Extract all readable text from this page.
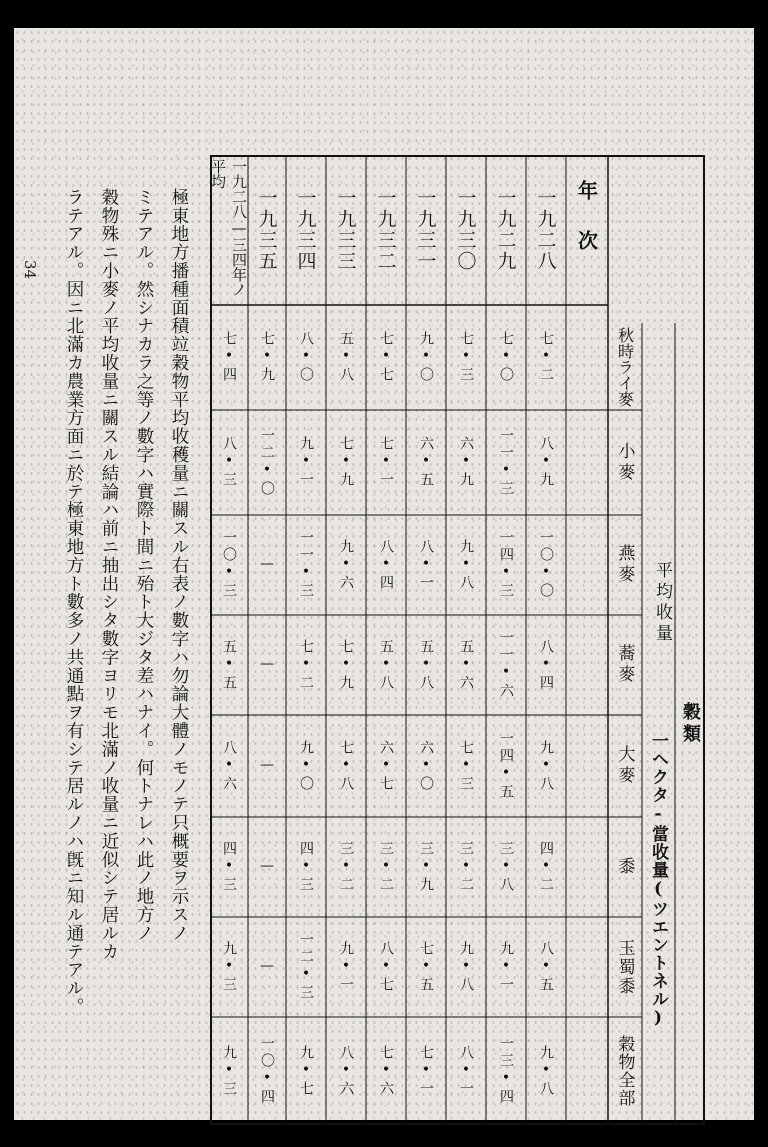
34	極東地方播種面積竝穀物平均收穫量ニ關スル右表ノ數字ハ勿論大體ノモノテ只概要ヲ示スノ
ミテアル。然シナカラ之等ノ數字ハ實際ト間ニ殆ト大ジタ差ハナイ。何トナレハ此ノ地方ノ
穀物殊ニ小麥ノ平均收量ニ關スル結論ハ前ニ抽出シタ數字ヨリモ北滿ノ收量ニ近似シテ居ルカ
ラテアル。因ニ北滿カ農業方面ニ於テ極東地方ト數多ノ共通點ヲ有シテ居ルノハ旣ニ知ル通テアル。	穀類
平均收量
一ヘクタ-當收量(ツエントネル)
秋時ライ麥
小麥
燕麥
蕎麥
大麥
黍
玉蜀黍
穀物全部
年次
一九二八
七•二
八•九
一〇•〇
八•四
九•八
四•二
八•五
九•八
一九二九
七•〇
一一•三
一四•三
一一•六
一四•五
三•八
九•一
一三•四
一九三〇
七•三
六•九
九•八
五•六
七•三
三•二
九•八
八•一
一九三一
九•〇
六•五
八•一
五•八
六•〇
三•九
七•五
七•一
一九三二
七•七
七•一
八•四
五•八
六•七
三•二
八•七
七•六
一九三三
五•八
七•九
九•六
七•九
七•八
三•二
九•一
八•六
一九三四
八•〇
九•一
一一•三
七•二
九•〇
四•三
一二•三
九•七
一九三五
七•九
一二•〇
—
—
—
—
—
一〇•四
一九二八—三四年ノ平均
七•四
八•三
一〇•三
五•五
八•六
四•三
九•三
九•三
